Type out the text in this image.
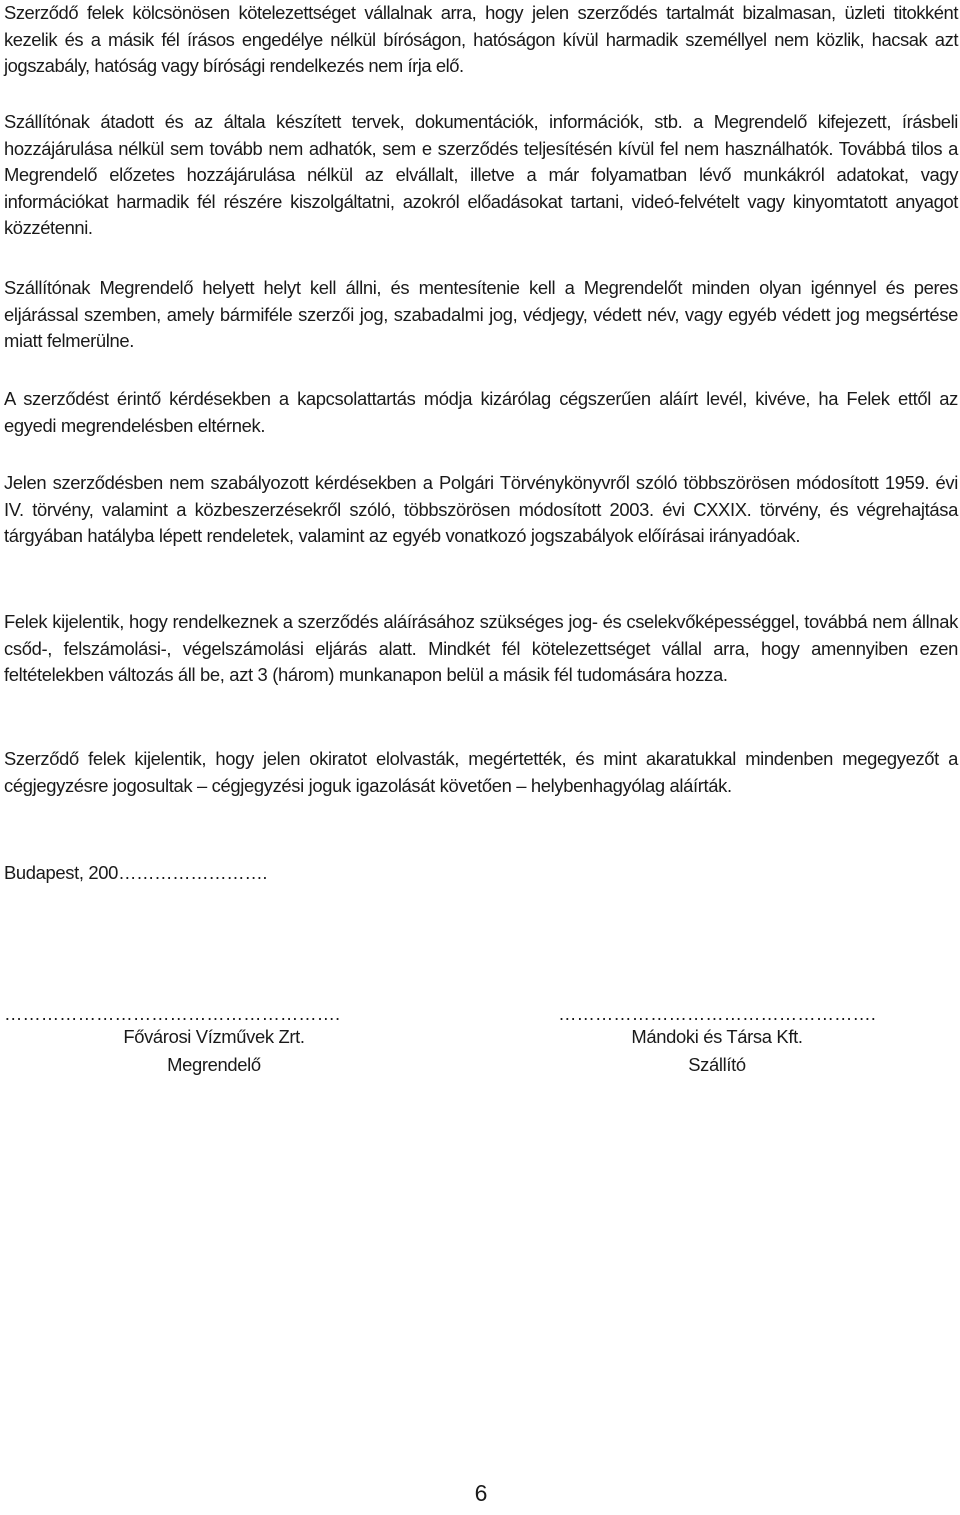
Szerződő felek kölcsönösen kötelezettséget vállalnak arra, hogy jelen szerződés tartalmát bizalmasan, üzleti titokként kezelik és a másik fél írásos engedélye nélkül bíróságon, hatóságon kívül harmadik személlyel nem közlik, hacsak azt jogszabály, hatóság vagy bírósági rendelkezés nem írja elő.

Szállítónak átadott és az általa készített tervek, dokumentációk, információk, stb. a Megrendelő kifejezett, írásbeli hozzájárulása nélkül sem tovább nem adhatók, sem e szerződés teljesítésén kívül fel nem használhatók. Továbbá tilos a Megrendelő előzetes hozzájárulása nélkül az elvállalt, illetve a már folyamatban lévő munkákról adatokat, vagy információkat harmadik fél részére kiszolgáltatni, azokról előadásokat tartani, videó-felvételt vagy kinyomtatott anyagot közzétenni.

Szállítónak Megrendelő helyett helyt kell állni, és mentesítenie kell a Megrendelőt minden olyan igénnyel és peres eljárással szemben, amely bármiféle szerzői jog, szabadalmi jog, védjegy, védett név, vagy egyéb védett jog megsértése miatt felmerülne.

A szerződést érintő kérdésekben a kapcsolattartás módja kizárólag cégszerűen aláírt levél, kivéve, ha Felek ettől az egyedi megrendelésben eltérnek.

Jelen szerződésben nem szabályozott kérdésekben a Polgári Törvénykönyvről szóló többszörösen módosított 1959. évi IV. törvény, valamint a közbeszerzésekről szóló, többszörösen módosított 2003. évi CXXIX. törvény, és végrehajtása tárgyában hatályba lépett rendeletek, valamint az egyéb vonatkozó jogszabályok előírásai irányadóak.

Felek kijelentik, hogy rendelkeznek a szerződés aláírásához szükséges jog- és cselekvőképességgel, továbbá nem állnak csőd-, felszámolási-, végelszámolási eljárás alatt. Mindkét fél kötelezettséget vállal arra, hogy amennyiben ezen feltételekben változás áll be, azt 3 (három) munkanapon belül a másik fél tudomására hozza.

Szerződő felek kijelentik, hogy jelen okiratot elolvasták, megértették, és mint akaratukkal mindenben megegyezőt a cégjegyzésre jogosultak – cégjegyzési joguk igazolását követően – helybenhagyólag aláírták.

Budapest, 200…………………….

……………………………………………….
Fővárosi Vízművek Zrt.
Megrendelő
…………………………………………….
Mándoki és Társa Kft.
Szállító
6
